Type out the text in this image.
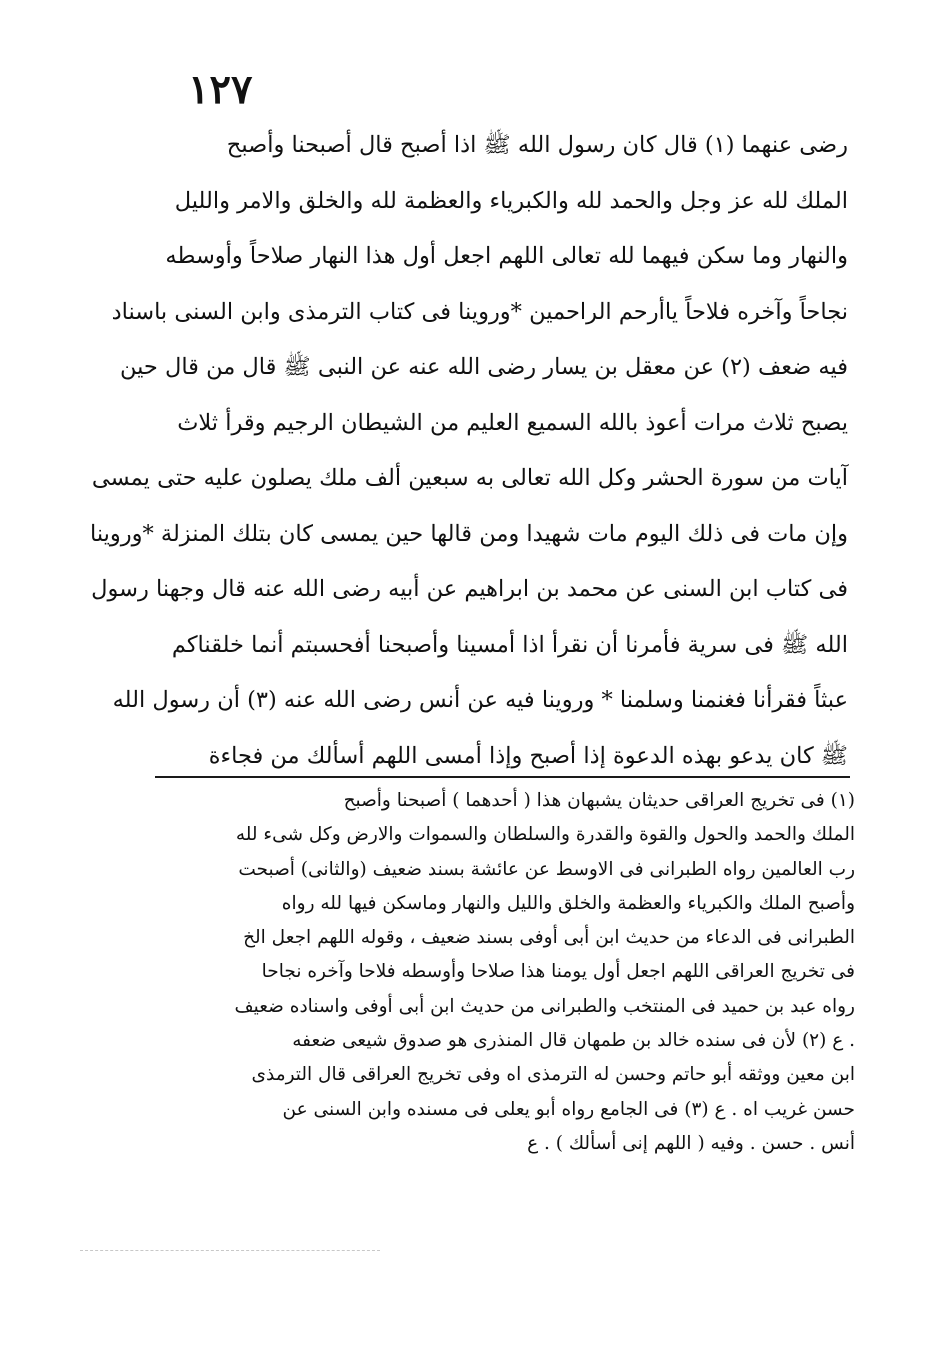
١٢٧
رضى عنهما (١) قال كان رسول الله ﷺ اذا أصبح قال أصبحنا وأصبح
الملك لله عز وجل والحمد لله والكبرياء والعظمة لله والخلق والامر والليل
والنهار وما سكن فيهما لله تعالى اللهم اجعل أول هذا النهار صلاحاً وأوسطه
نجاحاً وآخره فلاحاً ياأرحم الراحمين *وروينا فى كتاب الترمذى وابن السنى باسناد
فيه ضعف (٢) عن معقل بن يسار رضى الله عنه عن النبى ﷺ قال من قال حين
يصبح ثلاث مرات أعوذ بالله السميع العليم من الشيطان الرجيم وقرأ ثلاث
آيات من سورة الحشر وكل الله تعالى به سبعين ألف ملك يصلون عليه حتى يمسى
وإن مات فى ذلك اليوم مات شهيدا ومن قالها حين يمسى كان بتلك المنزلة *وروينا
فى كتاب ابن السنى عن محمد بن ابراهيم عن أبيه رضى الله عنه قال وجهنا رسول
الله ﷺ فى سرية فأمرنا أن نقرأ اذا أمسينا وأصبحنا أفحسبتم أنما خلقناكم
عبثاً فقرأنا فغنمنا وسلمنا * وروينا فيه عن أنس رضى الله عنه (٣) أن رسول الله
ﷺ كان يدعو بهذه الدعوة إذا أصبح وإذا أمسى اللهم أسألك من فجاءة
(١) فى تخريج العراقى حديثان يشبهان هذا ( أحدهما ) أصبحنا وأصبح
الملك والحمد والحول والقوة والقدرة والسلطان والسموات والارض وكل شىء لله
رب العالمين رواه الطبرانى فى الاوسط عن عائشة بسند ضعيف (والثانى) أصبحت
وأصبح الملك والكبرياء والعظمة والخلق والليل والنهار وماسكن فيها لله رواه
الطبرانى فى الدعاء من حديث ابن أبى أوفى بسند ضعيف ، وقوله اللهم اجعل الخ
فى تخريج العراقى اللهم اجعل أول يومنا هذا صلاحا وأوسطه فلاحا وآخره نجاحا
رواه عبد بن حميد فى المنتخب والطبرانى من حديث ابن أبى أوفى واسناده ضعيف
. ع (٢) لأن فى سنده خالد بن طمهان قال المنذرى هو صدوق شيعى ضعفه
ابن معين ووثقه أبو حاتم وحسن له الترمذى اه وفى تخريج العراقى قال الترمذى
حسن غريب اه . ع (٣) فى الجامع رواه أبو يعلى فى مسنده وابن السنى عن
أنس . حسن . وفيه ( اللهم إنى أسألك ) . ع
